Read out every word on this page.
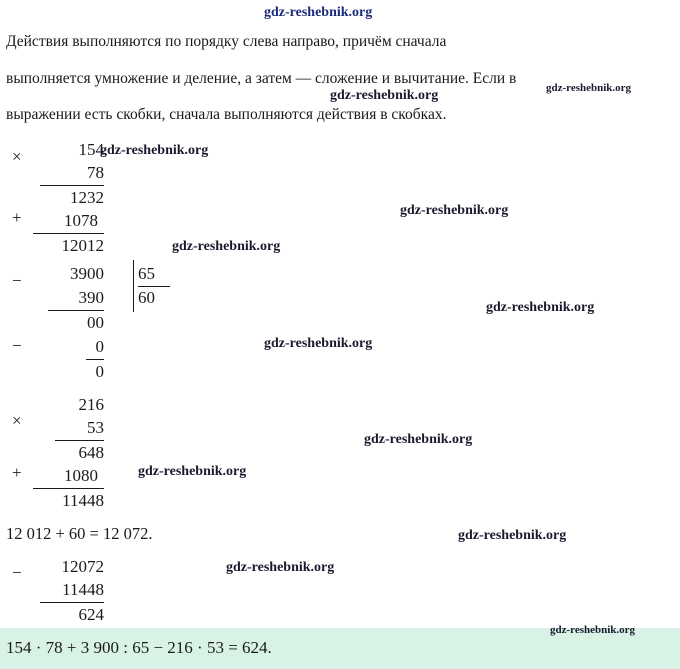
Действия выполняются по порядку слева направо, причём сначала
выполняется умножение и деление, а затем — сложение и вычитание. Если в
выражении есть скобки, сначала выполняются действия в скобках.
×	154
78
1232
+	1078
12012
−	3900 65
390 60
00
−	0
0
×
216
53
648
+	1080
11448
12 012 + 60 = 12 072.
−	12072
11448
624
154 · 78 + 3 900 : 65 − 216 · 53 = 624.
gdz-reshebnik.org
gdz-reshebnik.org	gdz-reshebnik.org
gdz-reshebnik.org
gdz-reshebnik.org
gdz-reshebnik.org
gdz-reshebnik.org
gdz-reshebnik.org
gdz-reshebnik.org
gdz-reshebnik.org
gdz-reshebnik.org
gdz-reshebnik.org
gdz-reshebnik.org
